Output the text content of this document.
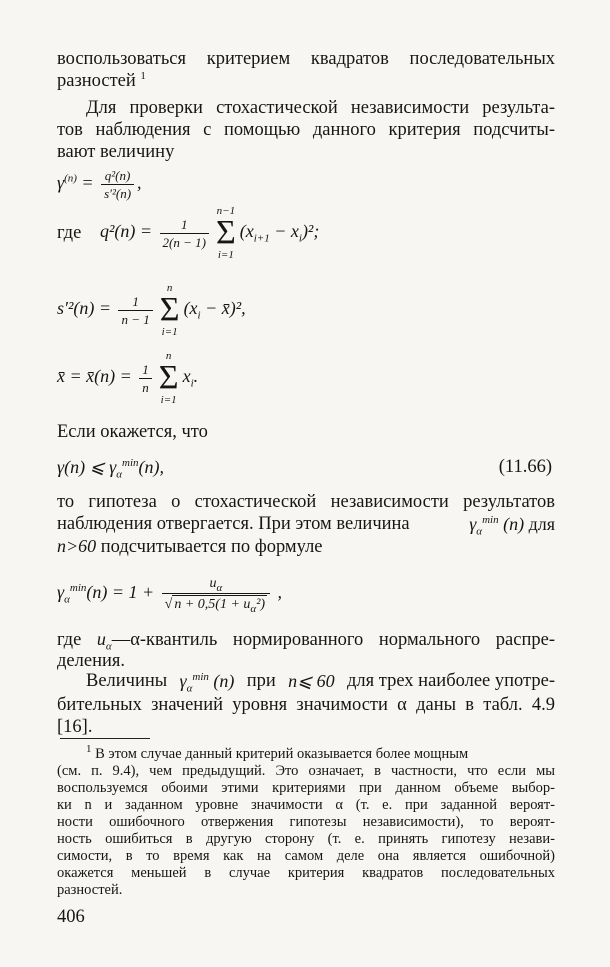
воспользоваться критерием квадратов последовательных
разностей $^1$
Для проверки стохастической независимости результа-
тов наблюдения с помощью данного критерия подсчиты-
вают величину
$\gamma^{(n)} = \frac{\text{q²(n)}}{\text{s′²(n)}}$ ,
где $q^2(n) = \frac{1}{2(n - 1)}$
n−1
Σ
i=1
$(x_{i+1} - x_i)^2$;
$s'^2(n) = \frac{1}{n - 1}$
n
Σ
i=1
($x_i$ − x̄)²,
x̄ = x̄(n) = $\frac{1}{n}$
n
Σ
i=1
$x_i$.
Если окажется, что
γ(n) ⩽ $\gamma_\alpha^{min}(n)$,	(11.66)
то гипотеза о стохастической независимости результатов
наблюдения отвергается. При этом величина	$\gamma_\alpha^{min}$ (n) для
n>60 подсчитывается по формуле
$\gamma_\alpha^{min}(n) = 1 + \frac{u_\alpha}{√ n + 0,5(1 + u_\alpha^2)}$ ,
где $u_\alpha—\alpha$-квантиль нормированного нормального распре-
деления.
Величины $\gamma_\alpha^{min}$ (n) при n⩽ 60 для трех наиболее употре-
бительных значений уровня значимости α даны в табл. 4.9
[16].
$^1$ В этом случае данный критерий оказывается более мощным
(см. п. 9.4), чем предыдущий. Это означает, в частности, что если мы
воспользуемся обоими этими критериями при данном объеме выбор-
ки n и заданном уровне значимости α (т. е. при заданной вероят-
ности ошибочного отвержения гипотезы независимости), то вероят-
ность ошибиться в другую сторону (т. е. принять гипотезу незави-
симости, в то время как на самом деле она является ошибочной)
окажется меньшей в случае критерия квадратов последовательных
разностей.
406
